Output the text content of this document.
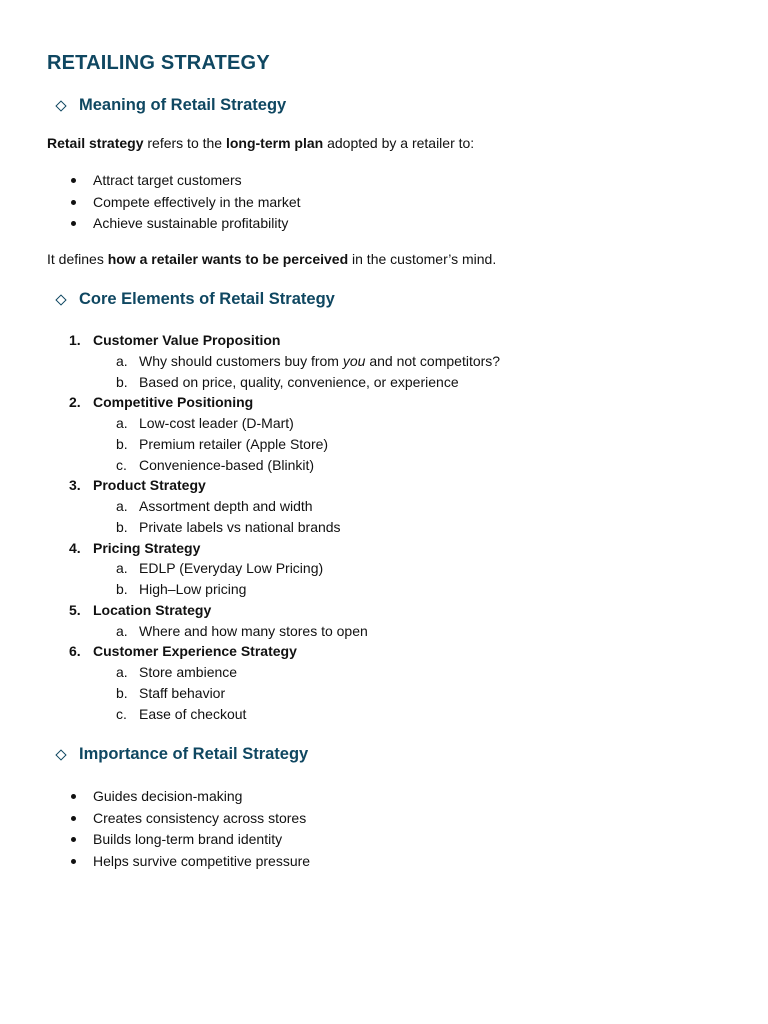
RETAILING STRATEGY
Meaning of Retail Strategy

Retail strategy refers to the long-term plan adopted by a retailer to:

Attract target customers
Compete effectively in the market
Achieve sustainable profitability

It defines how a retailer wants to be perceived in the customer’s mind.

Core Elements of Retail Strategy
1. Customer Value Proposition
a. Why should customers buy from you and not competitors?
b. Based on price, quality, convenience, or experience
2. Competitive Positioning
a. Low-cost leader (D-Mart)
b. Premium retailer (Apple Store)
c. Convenience-based (Blinkit)
3. Product Strategy
a. Assortment depth and width
b. Private labels vs national brands
4. Pricing Strategy
a. EDLP (Everyday Low Pricing)
b. High–Low pricing
5. Location Strategy
a. Where and how many stores to open
6. Customer Experience Strategy
a. Store ambience
b. Staff behavior
c. Ease of checkout
Importance of Retail Strategy
Guides decision-making
Creates consistency across stores
Builds long-term brand identity
Helps survive competitive pressure
